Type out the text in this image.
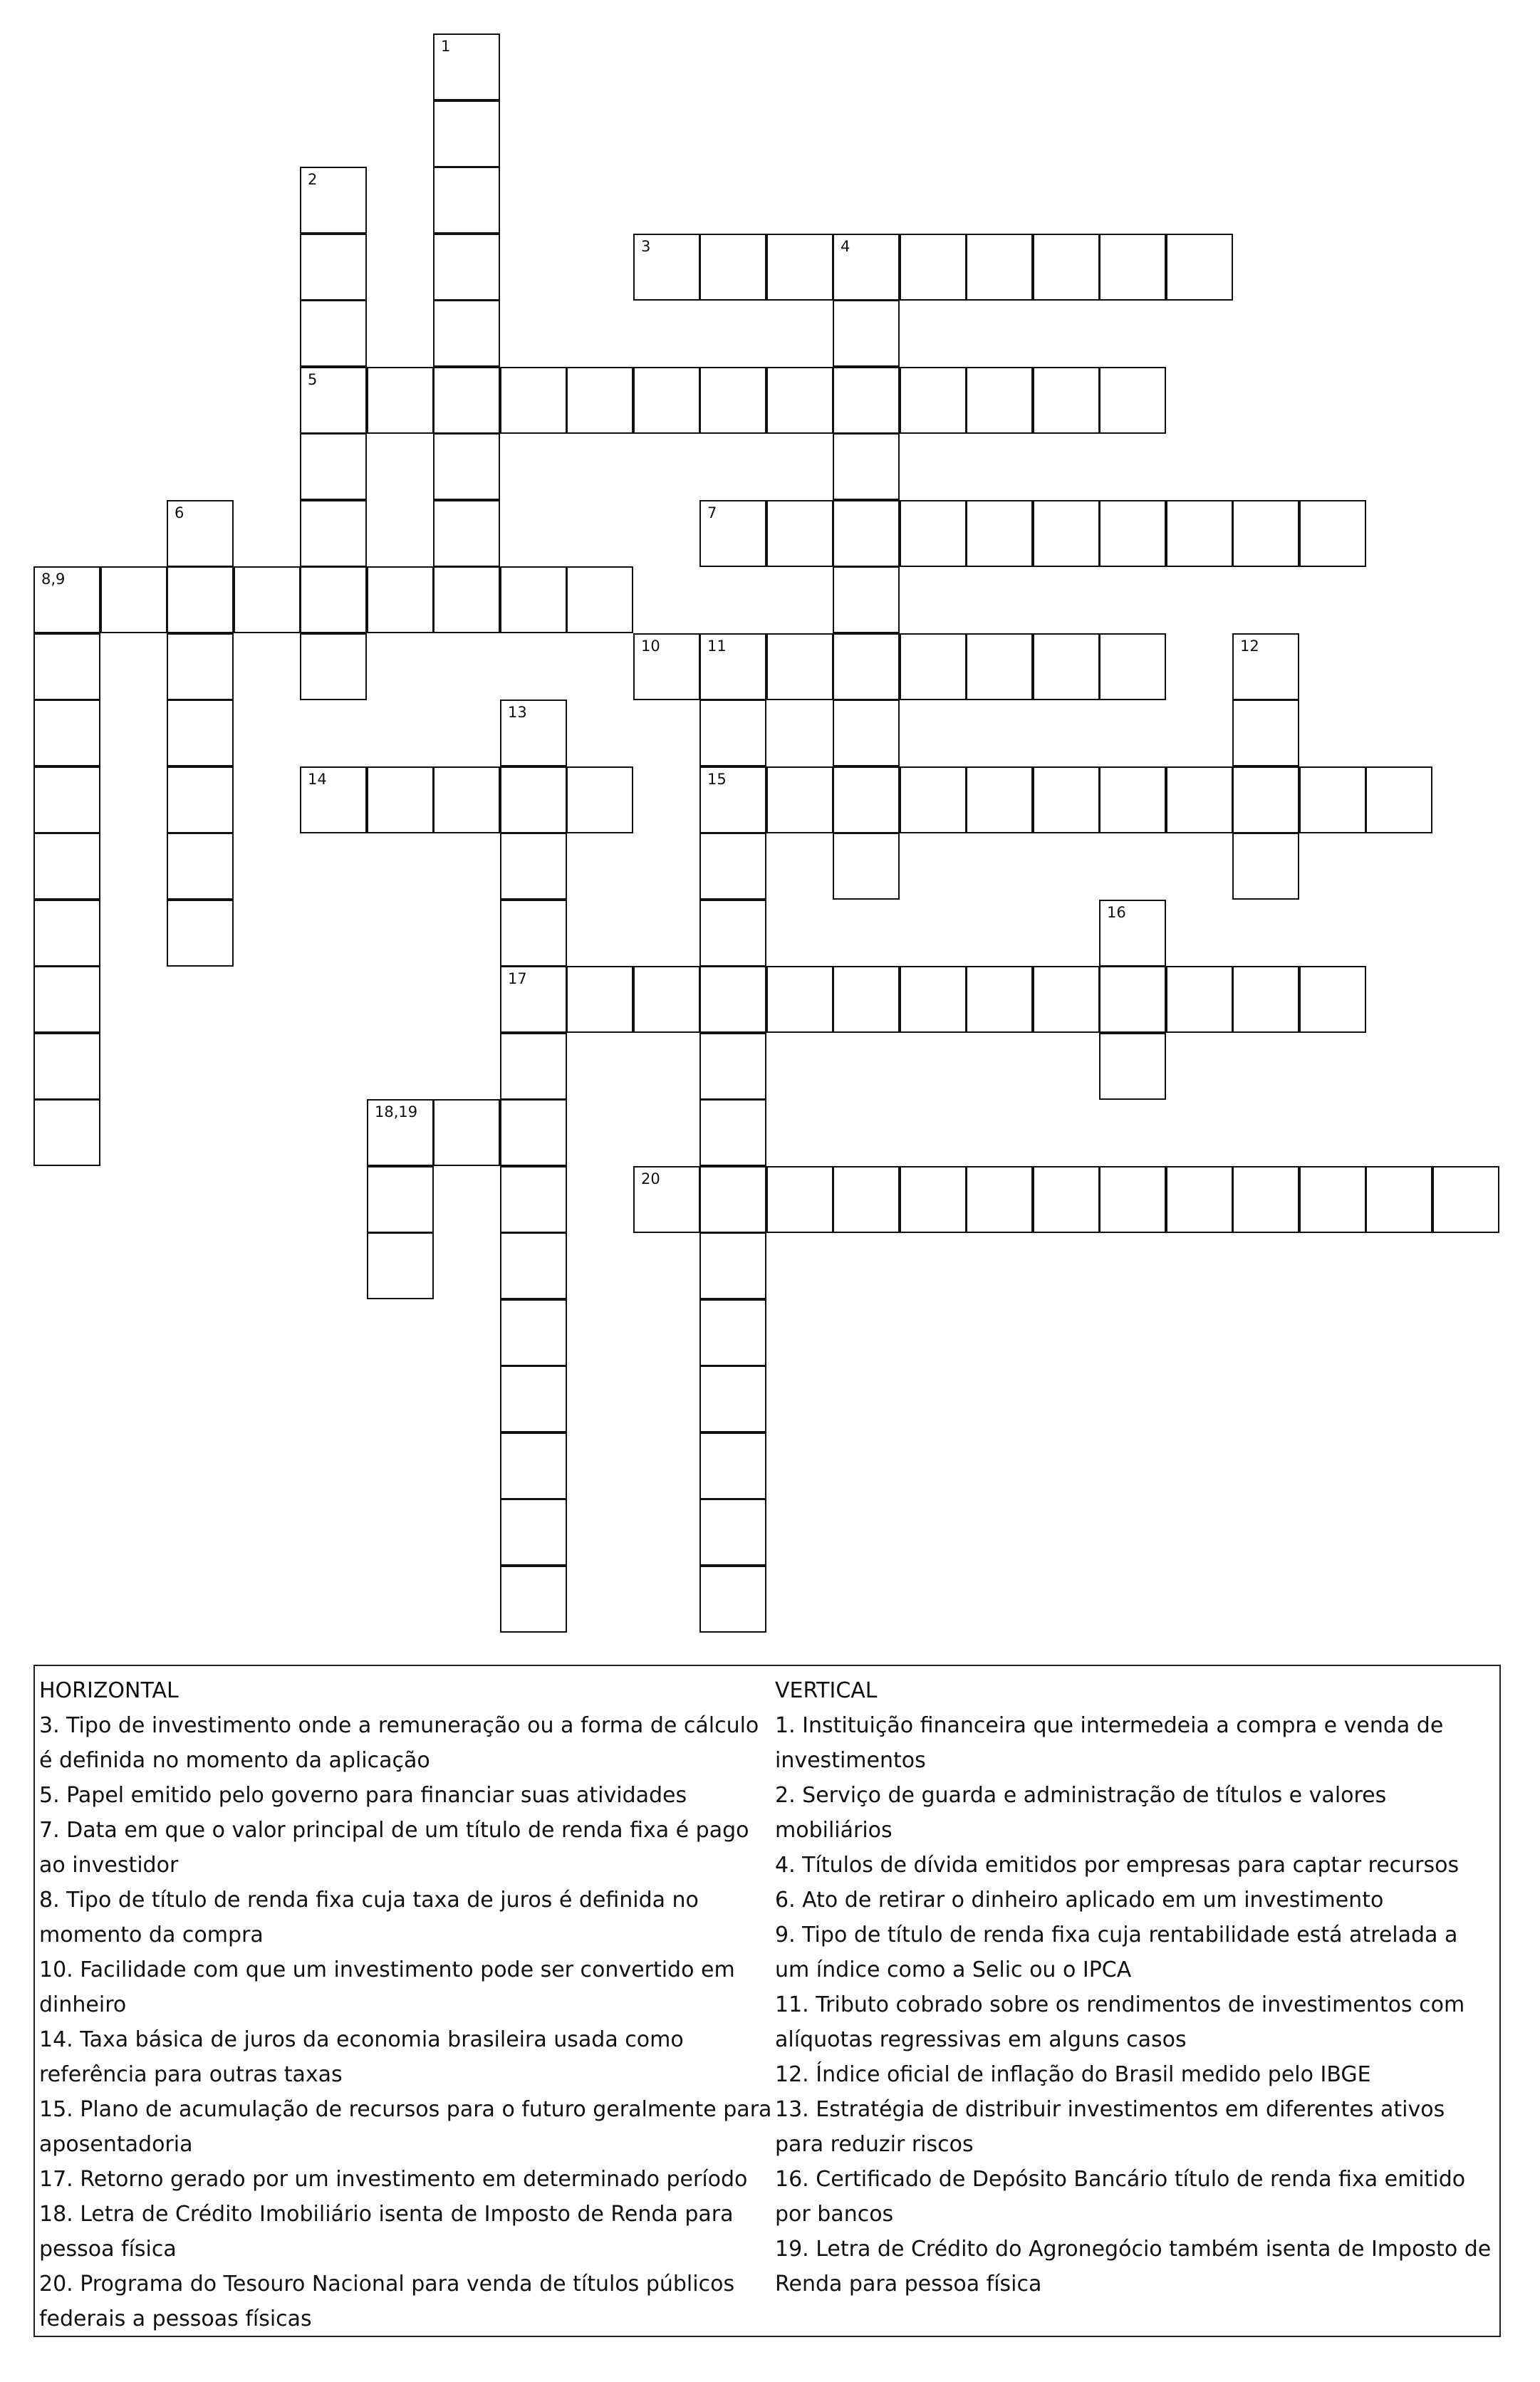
1
2
5
3	4
6	7
8,9
10	11
15
12
13
17
14
16
18,19
20

HORIZONTAL

3. Tipo de investimento onde a remuneração ou a forma de cálculo é definida no momento da aplicação

5. Papel emitido pelo governo para financiar suas atividades

7. Data em que o valor principal de um título de renda fixa é pago ao investidor

8. Tipo de título de renda fixa cuja taxa de juros é definida no momento da compra

10. Facilidade com que um investimento pode ser convertido em dinheiro

14. Taxa básica de juros da economia brasileira usada como referência para outras taxas

15. Plano de acumulação de recursos para o futuro geralmente para aposentadoria

17. Retorno gerado por um investimento em determinado período

18. Letra de Crédito Imobiliário isenta de Imposto de Renda para pessoa física

20. Programa do Tesouro Nacional para venda de títulos públicos federais a pessoas físicas

VERTICAL

1. Instituição financeira que intermedeia a compra e venda de investimentos

2. Serviço de guarda e administração de títulos e valores mobiliários

4. Títulos de dívida emitidos por empresas para captar recursos

6. Ato de retirar o dinheiro aplicado em um investimento

9. Tipo de título de renda fixa cuja rentabilidade está atrelada a um índice como a Selic ou o IPCA

11. Tributo cobrado sobre os rendimentos de investimentos com alíquotas regressivas em alguns casos

12. Índice oficial de inflação do Brasil medido pelo IBGE

13. Estratégia de distribuir investimentos em diferentes ativos para reduzir riscos

16. Certificado de Depósito Bancário título de renda fixa emitido por bancos

19. Letra de Crédito do Agronegócio também isenta de Imposto de Renda para pessoa física
